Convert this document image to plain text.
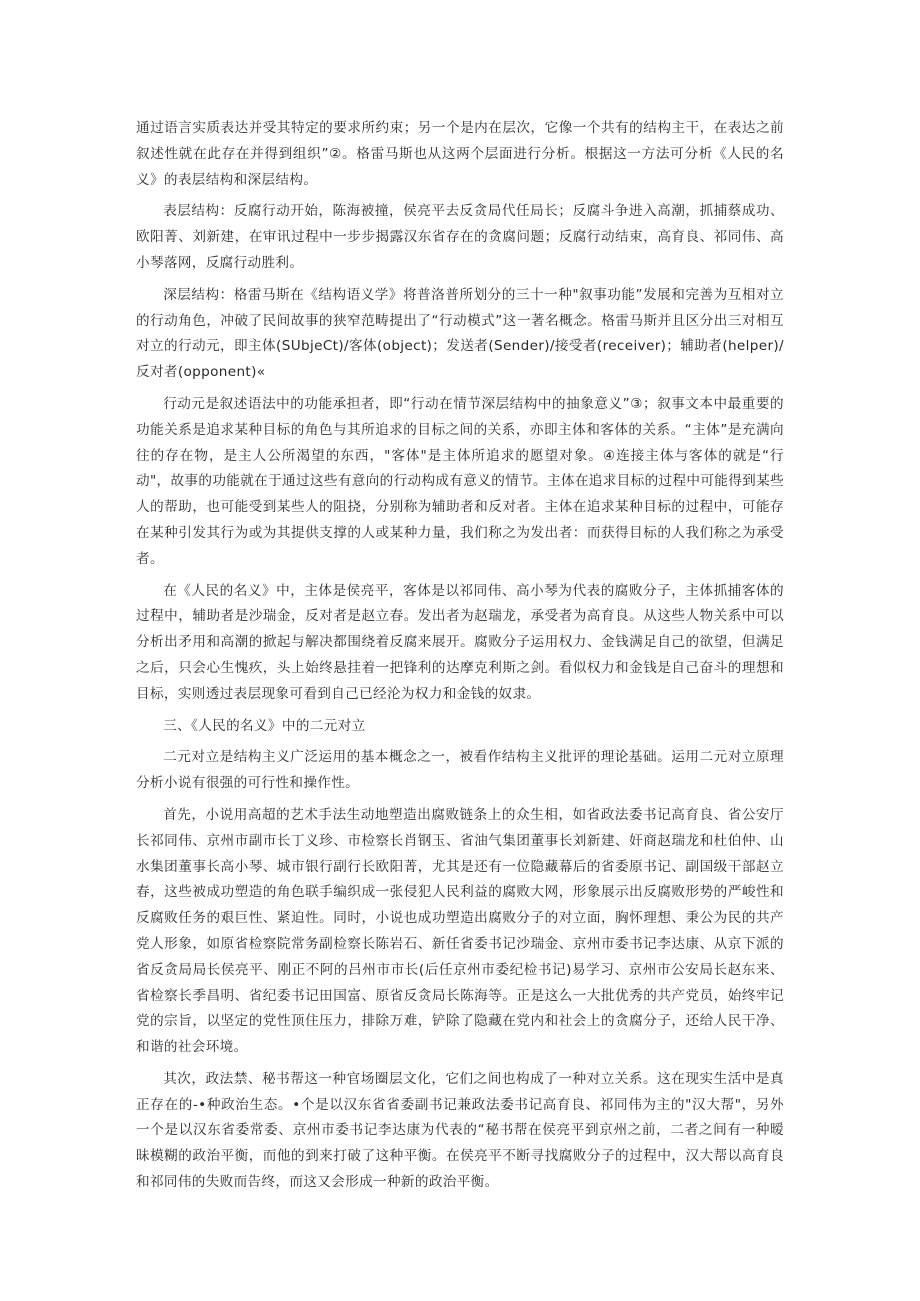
通过语言实质表达并受其特定的要求所约束；另一个是内在层次，它像一个共有的结构主干，在表达之前叙述性就在此存在并得到组织”②。格雷马斯也从这两个层面进行分析。根据这一方法可分析《人民的名义》的表层结构和深层结构。

表层结构：反腐行动开始，陈海被撞，侯亮平去反贪局代任局长；反腐斗争进入高潮，抓捕蔡成功、欧阳菁、刘新建，在审讯过程中一步步揭露汉东省存在的贪腐问题；反腐行动结束，高育良、祁同伟、高小琴落网，反腐行动胜利。

深层结构：格雷马斯在《结构语义学》将普洛普所划分的三十一种"叙事功能”发展和完善为互相对立的行动角色，冲破了民间故事的狭窄范畴提出了“行动模式”这一著名概念。格雷马斯并且区分出三对相互对立的行动元，即主体(SUbjeCt)/客体(object)；发送者(Sender)/接受者(receiver)；辅助者(helper)/反对者(opponent)«

行动元是叙述语法中的功能承担者，即“行动在情节深层结构中的抽象意义”③；叙事文本中最重要的功能关系是追求某种目标的角色与其所追求的目标之间的关系，亦即主体和客体的关系。“主体”是充满向往的存在物，是主人公所渴望的东西，"客体"是主体所追求的愿望对象。④连接主体与客体的就是“行动"，故事的功能就在于通过这些有意向的行动构成有意义的情节。主体在追求目标的过程中可能得到某些人的帮助，也可能受到某些人的阻挠，分别称为辅助者和反对者。主体在追求某种目标的过程中，可能存在某种引发其行为或为其提供支撑的人或某种力量，我们称之为发出者：而获得目标的人我们称之为承受者。

在《人民的名义》中，主体是侯亮平，客体是以祁同伟、高小琴为代表的腐败分子，主体抓捕客体的过程中，辅助者是沙瑞金，反对者是赵立春。发出者为赵瑞龙，承受者为高育良。从这些人物关系中可以分析出矛用和高潮的掀起与解决都围绕着反腐来展开。腐败分子运用权力、金钱满足自己的欲望，但满足之后，只会心生愧疚，头上始终悬挂着一把锋利的达摩克利斯之剑。看似权力和金钱是自己奋斗的理想和目标，实则透过表层现象可看到自己已经沦为权力和金钱的奴隶。

三、《人民的名义》中的二元对立

二元对立是结构主义广泛运用的基本概念之一，被看作结构主义批评的理论基础。运用二元对立原理分析小说有很强的可行性和操作性。

首先，小说用高超的艺术手法生动地塑造出腐败链条上的众生相，如省政法委书记高育良、省公安厅长祁同伟、京州市副市长丁义珍、市检察长肖钢玉、省油气集团董事长刘新建、奸商赵瑞龙和杜伯仲、山水集团董事长高小琴、城市银行副行长欧阳菁，尤其是还有一位隐藏幕后的省委原书记、副国级干部赵立春，这些被成功塑造的角色联手编织成一张侵犯人民利益的腐败大网，形象展示出反腐败形势的严峻性和反腐败任务的艰巨性、紧迫性。同时，小说也成功塑造出腐败分子的对立面，胸怀理想、秉公为民的共产党人形象，如原省检察院常务副检察长陈岩石、新任省委书记沙瑞金、京州市委书记李达康、从京下派的省反贪局局长侯亮平、刚正不阿的吕州市市长(后任京州市委纪检书记)易学习、京州市公安局长赵东来、省检察长季昌明、省纪委书记田国富、原省反贪局长陈海等。正是这么一大批优秀的共产党员，始终牢记党的宗旨，以坚定的党性顶住压力，排除万难，铲除了隐藏在党内和社会上的贪腐分子，还给人民干净、和谐的社会环境。

其次，政法禁、秘书帮这一种官场圈层文化，它们之间也构成了一种对立关系。这在现实生活中是真正存在的-•种政治生态。•个是以汉东省省委副书记兼政法委书记高育良、祁同伟为主的"汉大帮"，另外一个是以汉东省委常委、京州市委书记李达康为代表的“秘书帮在侯亮平到京州之前，二者之间有一种暧昧模糊的政治平衡，而他的到来打破了这种平衡。在侯亮平不断寻找腐败分子的过程中，汉大帮以高育良和祁同伟的失败而告终，而这又会形成一种新的政治平衡。
